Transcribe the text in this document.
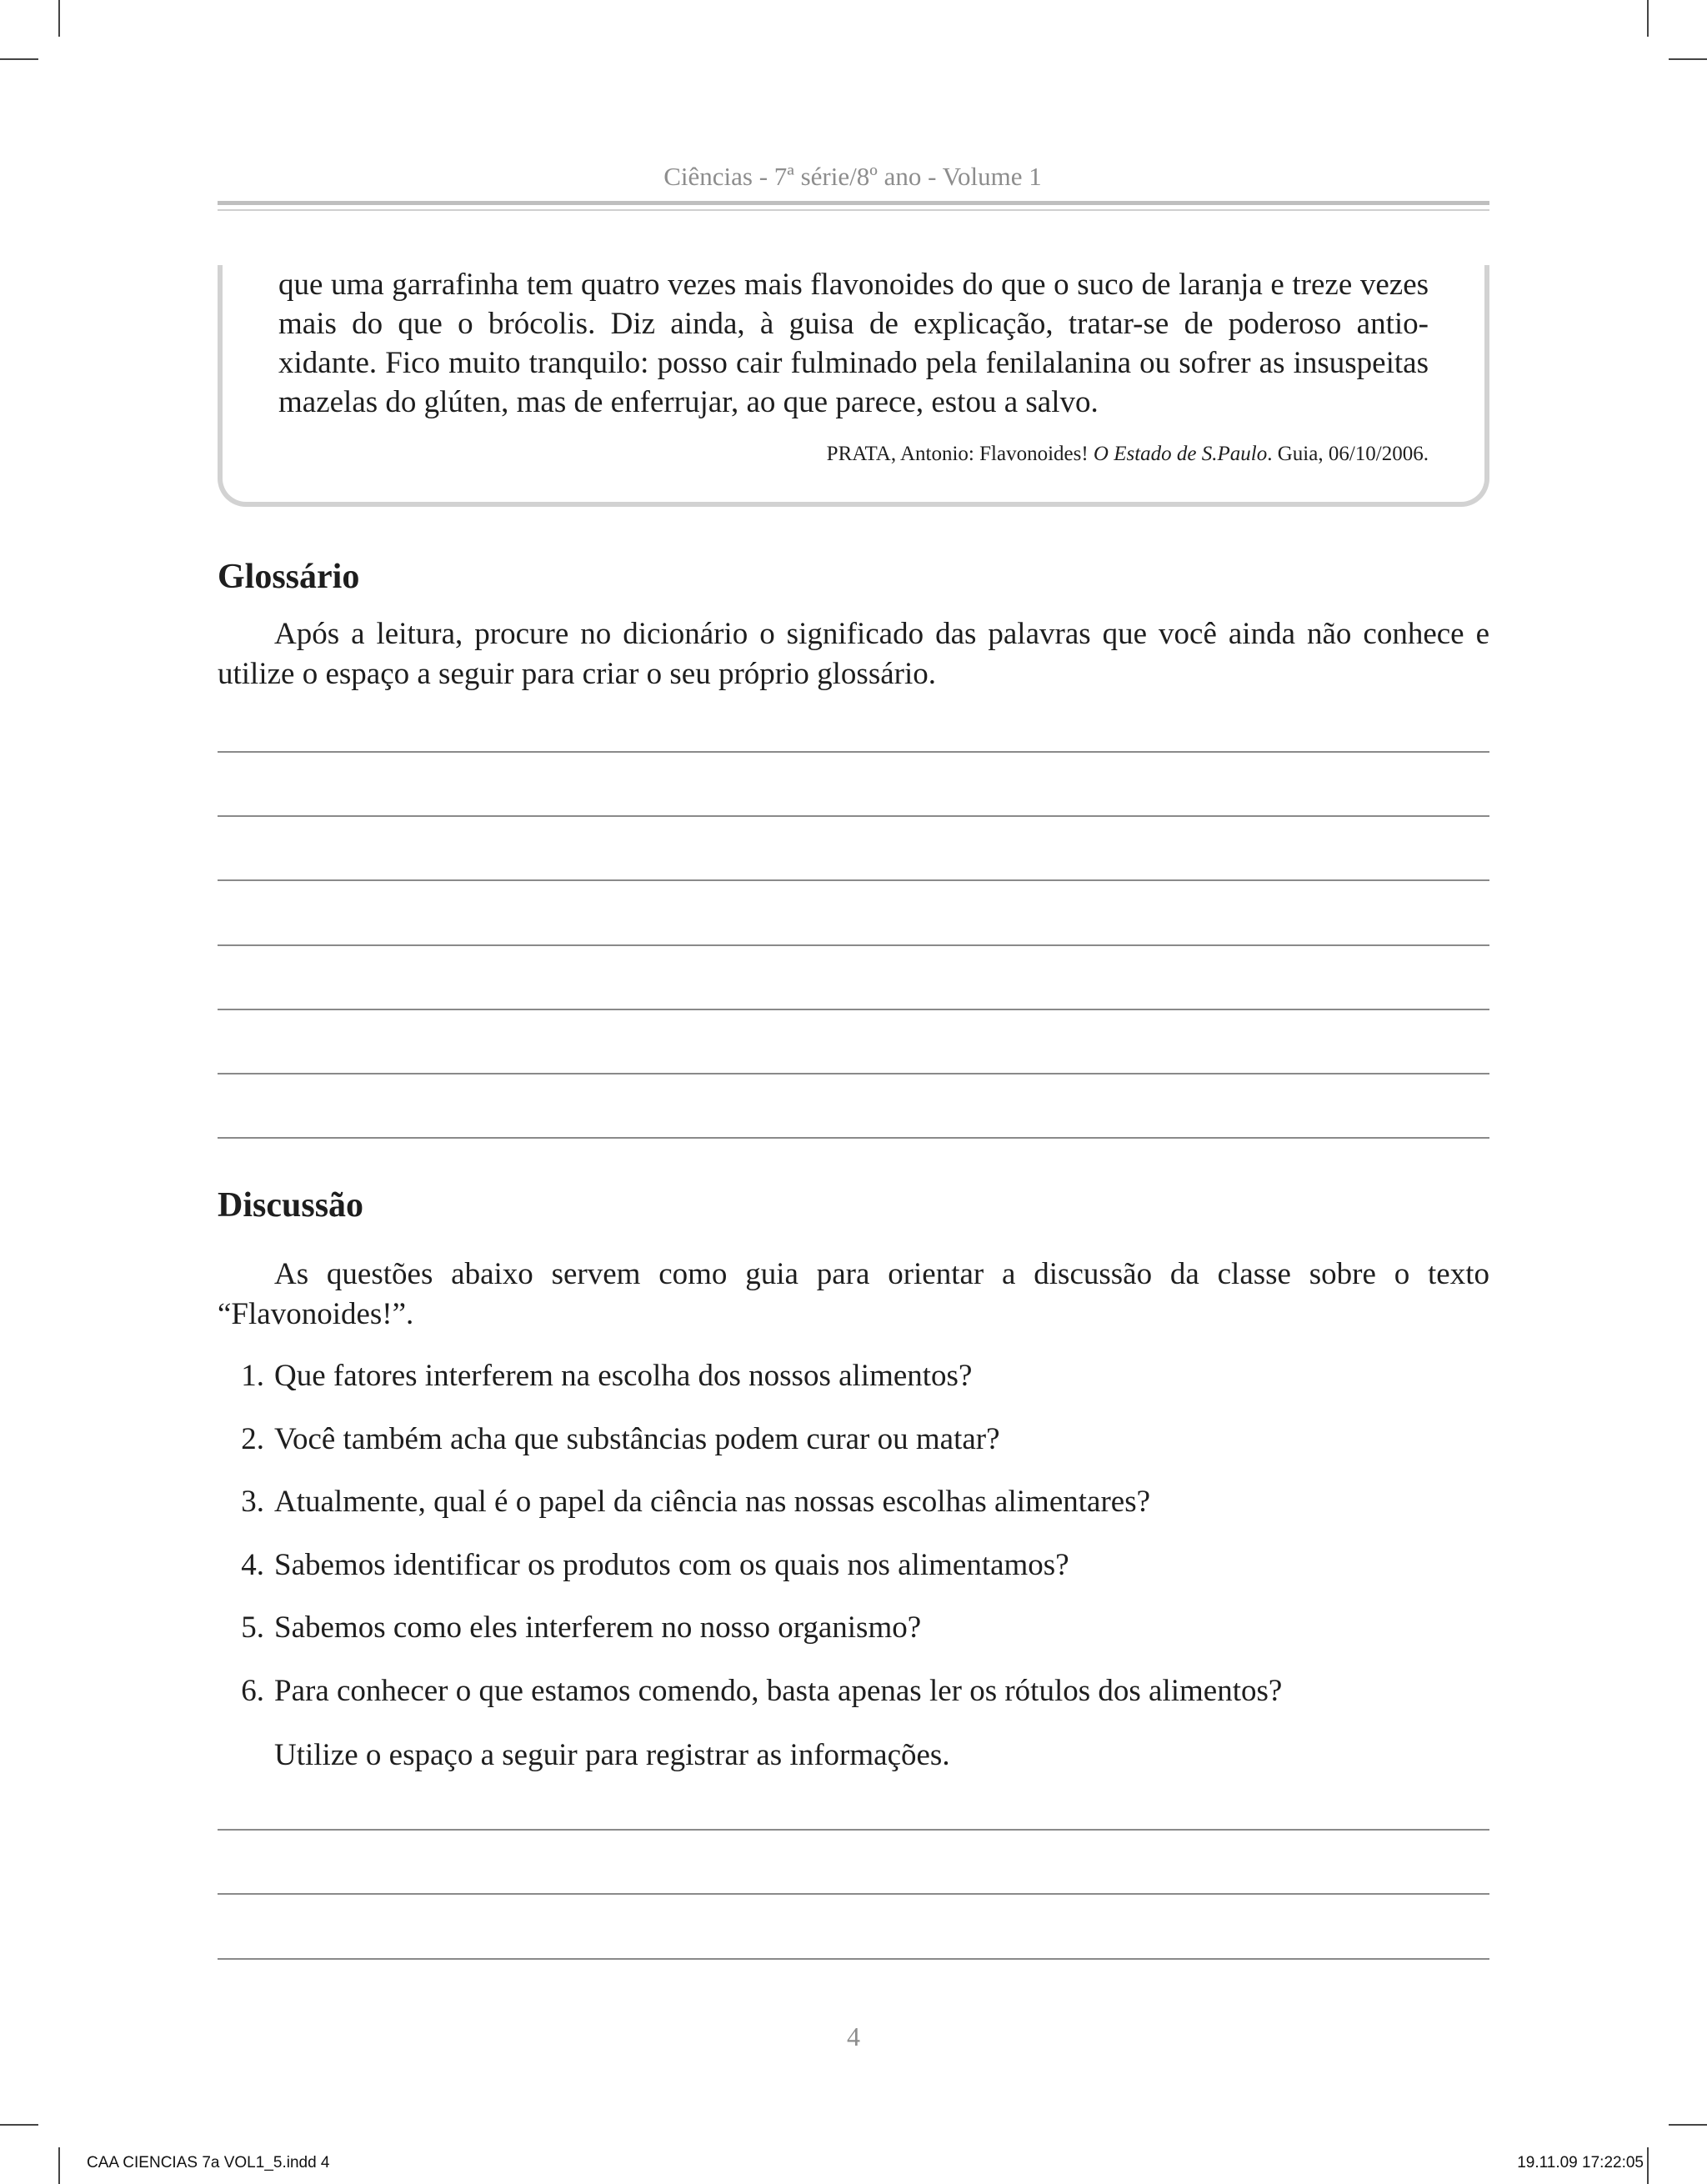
Ciências - 7ª série/8º ano - Volume 1

que uma garrafinha tem quatro vezes mais flavonoides do que o suco de laranja e treze vezes mais do que o brócolis. Diz ainda, à guisa de explicação, tratar-se de poderoso antio- xidante. Fico muito tranquilo: posso cair fulminado pela fenilalanina ou sofrer as insuspeitas mazelas do glúten, mas de enferrujar, ao que parece, estou a salvo.

PRATA, Antonio: Flavonoides! O Estado de S.Paulo. Guia, 06/10/2006.
Glossário

Após a leitura, procure no dicionário o significado das palavras que você ainda não conhece e utilize o espaço a seguir para criar o seu próprio glossário.

Discussão

As questões abaixo servem como guia para orientar a discussão da classe sobre o texto “Flavonoides!”.

1. Que fatores interferem na escolha dos nossos alimentos?
2. Você também acha que substâncias podem curar ou matar?
3. Atualmente, qual é o papel da ciência nas nossas escolhas alimentares?
4. Sabemos identificar os produtos com os quais nos alimentamos?
5. Sabemos como eles interferem no nosso organismo?
6. Para conhecer o que estamos comendo, basta apenas ler os rótulos dos alimentos?

Utilize o espaço a seguir para registrar as informações.

4
CAA CIENCIAS 7a VOL1_5.indd 4	19.11.09 17:22:05
